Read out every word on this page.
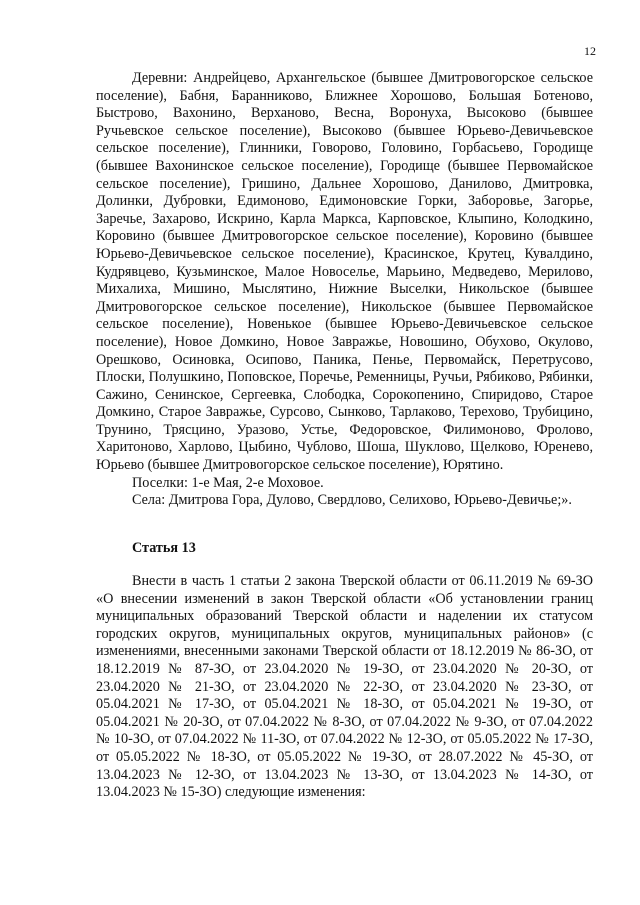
12

Деревни: Андрейцево, Архангельское (бывшее Дмитровогорское сельское поселение), Бабня, Баранниково, Ближнее Хорошово, Большая Ботеново, Быстрово, Вахонино, Верханово, Весна, Воронуха, Высоково (бывшее Ручьевское сельское поселение), Высоково (бывшее Юрьево-Девичьевское сельское поселение), Глинники, Говорово, Головино, Горбасьево, Городище (бывшее Вахонинское сельское поселение), Городище (бывшее Первомайское сельское поселение), Гришино, Дальнее Хорошово, Данилово, Дмитровка, Долинки, Дубровки, Едимоново, Едимоновские Горки, Заборовье, Загорье, Заречье, Захарово, Искрино, Карла Маркса, Карповское, Клыпино, Колодкино, Коровино (бывшее Дмитровогорское сельское поселение), Коровино (бывшее Юрьево-Девичьевское сельское поселение), Красинское, Крутец, Кувалдино, Кудрявцево, Кузьминское, Малое Новоселье, Марьино, Медведево, Мерилово, Михалиха, Мишино, Мыслятино, Нижние Выселки, Никольское (бывшее Дмитровогорское сельское поселение), Никольское (бывшее Первомайское сельское поселение), Новенькое (бывшее Юрьево-Девичьевское сельское поселение), Новое Домкино, Новое Завражье, Новошино, Обухово, Окулово, Орешково, Осиновка, Осипово, Паника, Пенье, Первомайск, Перетрусово, Плоски, Полушкино, Поповское, Поречье, Ременницы, Ручьи, Рябиково, Рябинки, Сажино, Сенинское, Сергеевка, Слободка, Сорокопенино, Спиридово, Старое Домкино, Старое Завражье, Сурсово, Сынково, Тарлаково, Терехово, Трубицино, Трунино, Трясцино, Уразово, Устье, Федоровское, Филимоново, Фролово, Харитоново, Харлово, Цыбино, Чублово, Шоша, Шуклово, Щелково, Юренево, Юрьево (бывшее Дмитровогорское сельское поселение), Юрятино.

Поселки: 1-е Мая, 2-е Моховое.

Села: Дмитрова Гора, Дулово, Свердлово, Селихово, Юрьево-Девичье;».

Статья 13

Внести в часть 1 статьи 2 закона Тверской области от 06.11.2019 № 69-ЗО «О внесении изменений в закон Тверской области «Об установлении границ муниципальных образований Тверской области и наделении их статусом городских округов, муниципальных округов, муниципальных районов» (с изменениями, внесенными законами Тверской области от 18.12.2019 № 86-ЗО, от 18.12.2019 № 87-ЗО, от 23.04.2020 № 19-ЗО, от 23.04.2020 № 20-ЗО, от 23.04.2020 № 21-ЗО, от 23.04.2020 № 22-ЗО, от 23.04.2020 № 23-ЗО, от 05.04.2021 № 17-ЗО, от 05.04.2021 № 18-ЗО, от 05.04.2021 № 19-ЗО, от 05.04.2021 № 20-ЗО, от 07.04.2022 № 8-ЗО, от 07.04.2022 № 9-ЗО, от 07.04.2022 № 10-ЗО, от 07.04.2022 № 11-ЗО, от 07.04.2022 № 12-ЗО, от 05.05.2022 № 17-ЗО, от 05.05.2022 № 18-ЗО, от 05.05.2022 № 19-ЗО, от 28.07.2022 № 45-ЗО, от 13.04.2023 № 12-ЗО, от 13.04.2023 № 13-ЗО, от 13.04.2023 № 14-ЗО, от 13.04.2023 № 15-ЗО) следующие изменения:
